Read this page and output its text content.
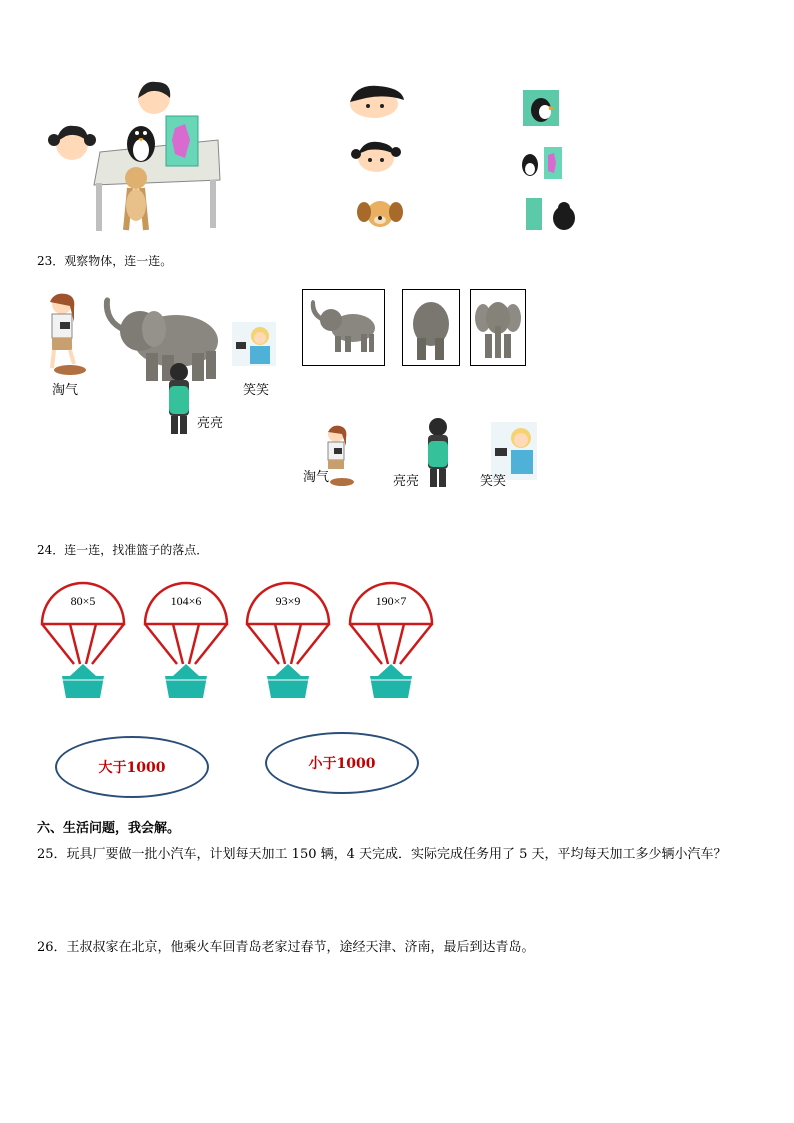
23．观察物体，连一连。
淘气
亮亮
笑笑
淘气	亮亮	笑笑
24．连一连，找准篮子的落点．
80×5	104×6	93×9	190×7
大于1000	小于1000
六、生活问题，我会解。
25．玩具厂要做一批小汽车，计划每天加工 150 辆，4 天完成．实际完成任务用了 5 天，平均每天加工多少辆小汽车？
26．王叔叔家在北京，他乘火车回青岛老家过春节，途经天津、济南，最后到达青岛。
